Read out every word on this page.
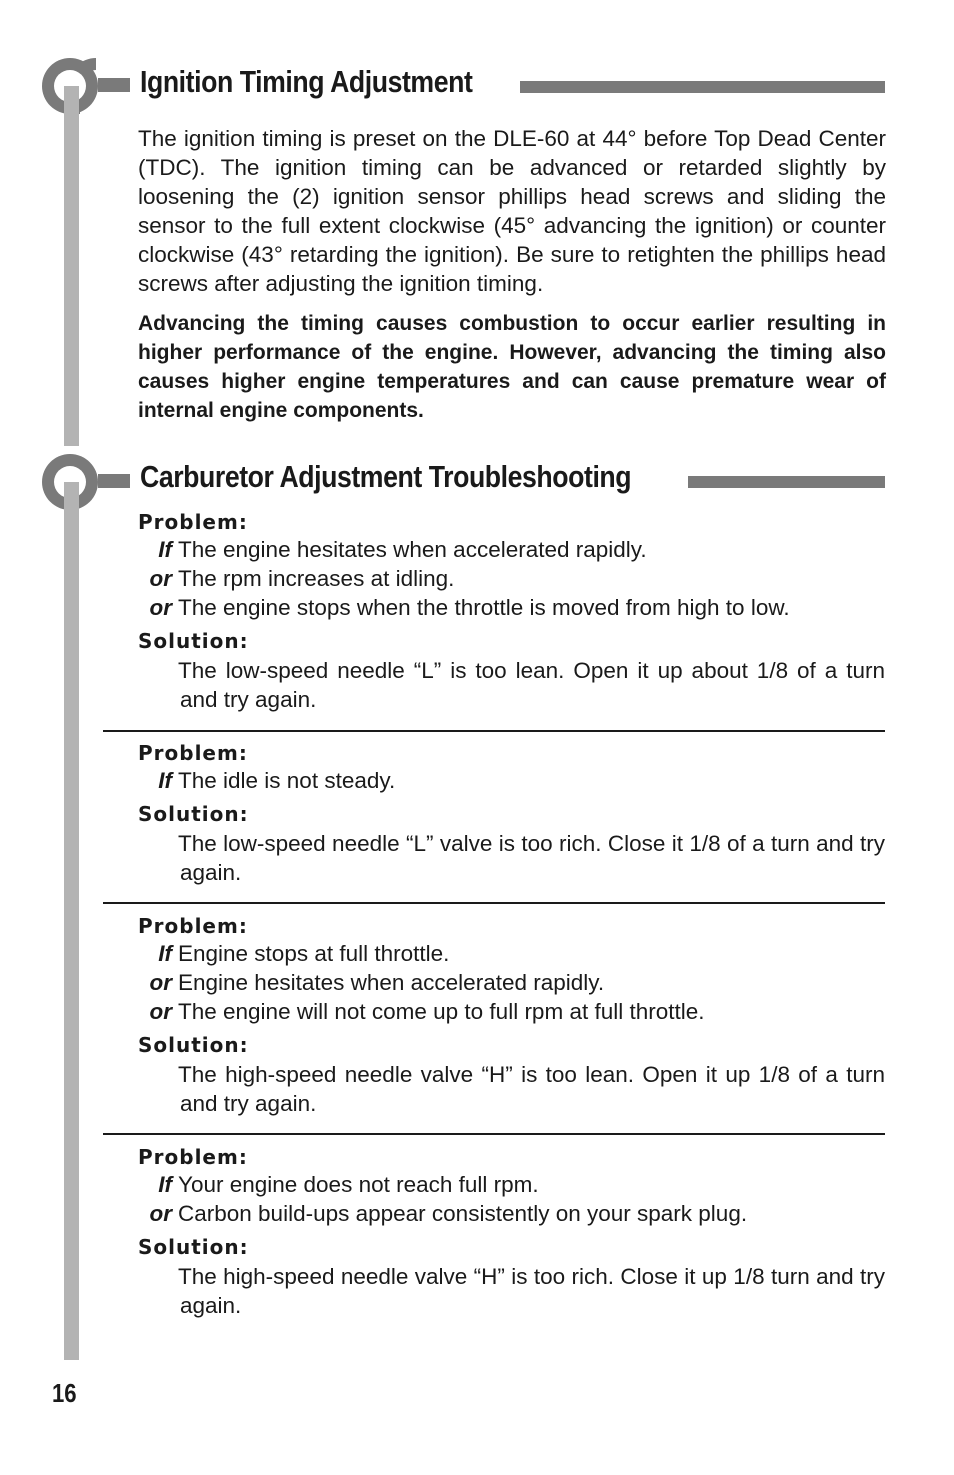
Ignition Timing Adjustment

The ignition timing is preset on the DLE-60 at 44° before Top Dead Center (TDC). The ignition timing can be advanced or retarded slightly by loosening the (2) ignition sensor phillips head screws and sliding the sensor to the full extent clockwise (45° advancing the ignition) or counter clockwise (43° retarding the ignition). Be sure to retighten the phillips head screws after adjusting the ignition timing.

Advancing the timing causes combustion to occur earlier resulting in higher performance of the engine. However, advancing the timing also causes higher engine temperatures and can cause premature wear of internal engine components.

Carburetor Adjustment Troubleshooting

Problem:

If The engine hesitates when accelerated rapidly.
or The rpm increases at idling.
or The engine stops when the throttle is moved from high to low.

Solution:

The low-speed needle “L” is too lean. Open it up about 1/8 of a turn and try again.

Problem:

If The idle is not steady.

Solution:

The low-speed needle “L” valve is too rich. Close it 1/8 of a turn and try again.

Problem:

If Engine stops at full throttle.
or Engine hesitates when accelerated rapidly.
or The engine will not come up to full rpm at full throttle.

Solution:

The high-speed needle valve “H” is too lean. Open it up 1/8 of a turn and try again.

Problem:

If Your engine does not reach full rpm.
or Carbon build-ups appear consistently on your spark plug.

Solution:

The high-speed needle valve “H” is too rich. Close it up 1/8 turn and try again.

16
